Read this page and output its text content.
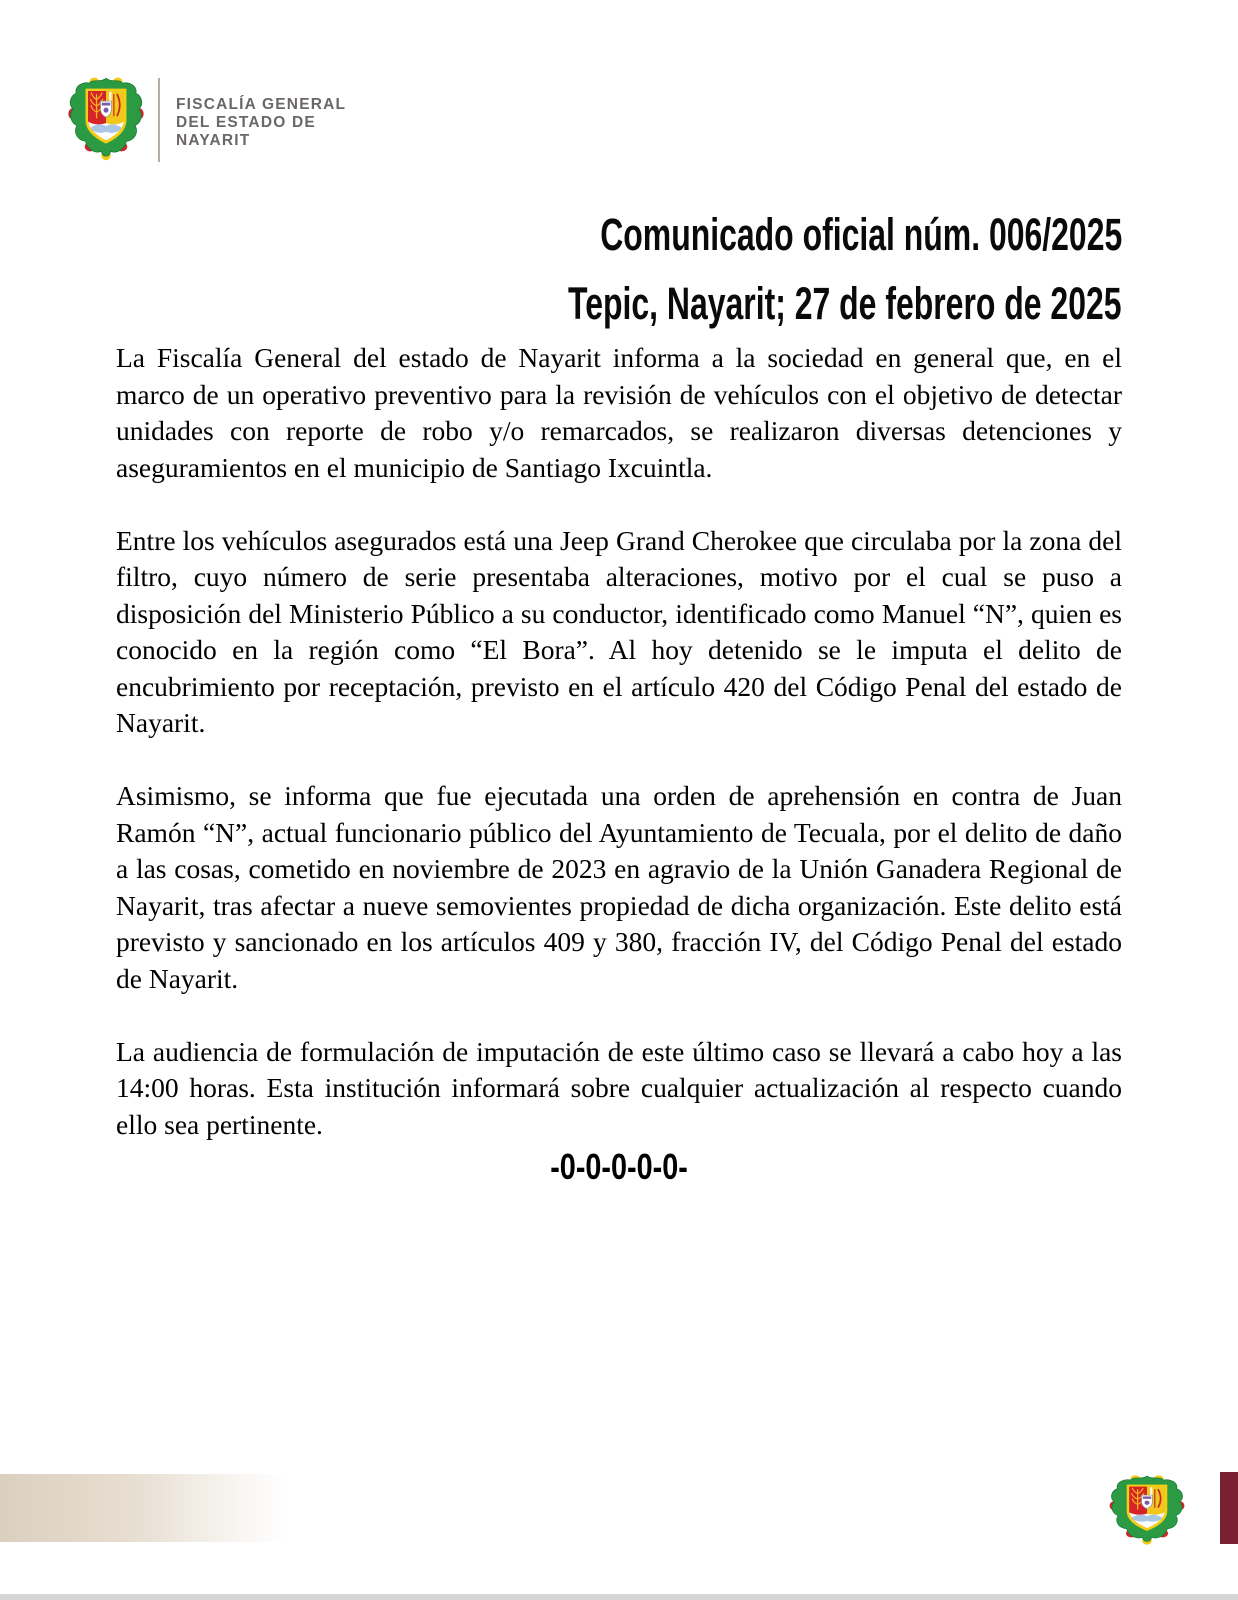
FISCALÍA GENERAL
DEL ESTADO DE
NAYARIT
Comunicado oficial núm. 006/2025
Tepic, Nayarit; 27 de febrero de 2025

La Fiscalía General del estado de Nayarit informa a la sociedad en general que, en el marco de un operativo preventivo para la revisión de vehículos con el objetivo de detectar unidades con reporte de robo y/o remarcados, se realizaron diversas detenciones y aseguramientos en el municipio de Santiago Ixcuintla.

Entre los vehículos asegurados está una Jeep Grand Cherokee que circulaba por la zona del filtro, cuyo número de serie presentaba alteraciones, motivo por el cual se puso a disposición del Ministerio Público a su conductor, identificado como Manuel “N”, quien es conocido en la región como “El Bora”. Al hoy detenido se le imputa el delito de encubrimiento por receptación, previsto en el artículo 420 del Código Penal del estado de Nayarit.

Asimismo, se informa que fue ejecutada una orden de aprehensión en contra de Juan Ramón “N”, actual funcionario público del Ayuntamiento de Tecuala, por el delito de daño a las cosas, cometido en noviembre de 2023 en agravio de la Unión Ganadera Regional de Nayarit, tras afectar a nueve semovientes propiedad de dicha organización. Este delito está previsto y sancionado en los artículos 409 y 380, fracción IV, del Código Penal del estado de Nayarit.

La audiencia de formulación de imputación de este último caso se llevará a cabo hoy a las 14:00 horas. Esta institución informará sobre cualquier actualización al respecto cuando ello sea pertinente.

-0-0-0-0-0-
